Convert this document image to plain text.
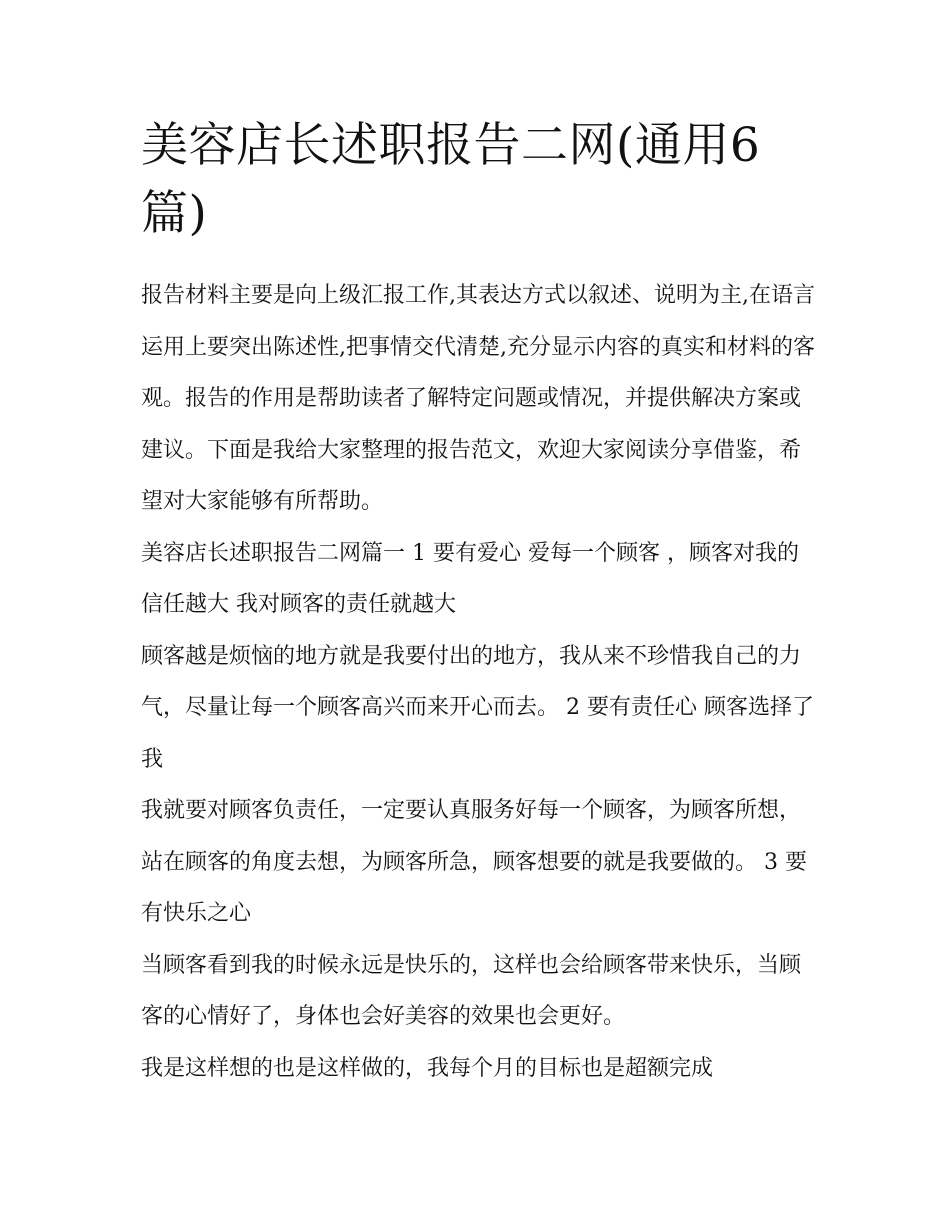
美容店长述职报告二网(通用6篇)

报告材料主要是向上级汇报工作,其表达方式以叙述、说明为主,在语言运用上要突出陈述性,把事情交代清楚,充分显示内容的真实和材料的客观。报告的作用是帮助读者了解特定问题或情况，并提供解决方案或建议。下面是我给大家整理的报告范文，欢迎大家阅读分享借鉴，希望对大家能够有所帮助。

美容店长述职报告二网篇一 1 要有爱心 爱每一个顾客 ，顾客对我的信任越大 我对顾客的责任就越大

顾客越是烦恼的地方就是我要付出的地方，我从来不珍惜我自己的力气，尽量让每一个顾客高兴而来开心而去。 2 要有责任心 顾客选择了我

我就要对顾客负责任，一定要认真服务好每一个顾客，为顾客所想，站在顾客的角度去想，为顾客所急，顾客想要的就是我要做的。 3 要有快乐之心

当顾客看到我的时候永远是快乐的，这样也会给顾客带来快乐，当顾客的心情好了，身体也会好美容的效果也会更好。

我是这样想的也是这样做的，我每个月的目标也是超额完成
